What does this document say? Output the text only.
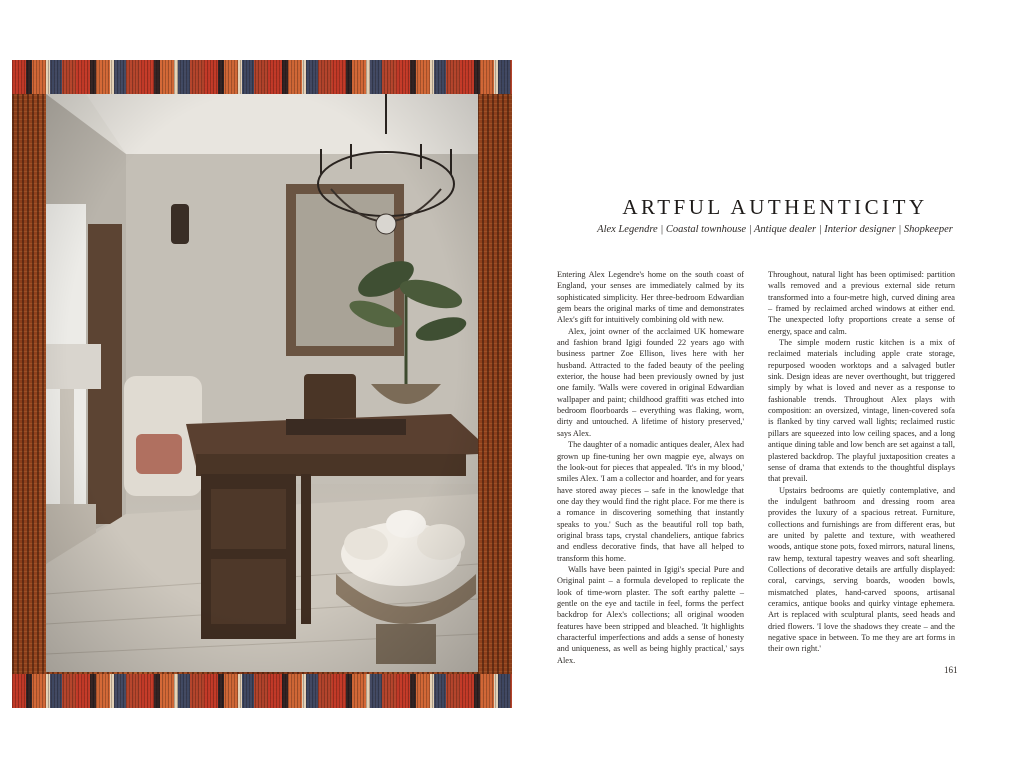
ARTFUL AUTHENTICITY
Alex Legendre | Coastal townhouse | Antique dealer | Interior designer | Shopkeeper

Entering Alex Legendre's home on the south coast of England, your senses are immediately calmed by its sophisticated simplicity. Her three-bedroom Edwardian gem bears the original marks of time and demonstrates Alex's gift for intuitively combining old with new.

Alex, joint owner of the acclaimed UK homeware and fashion brand Igigi founded 22 years ago with business partner Zoe Ellison, lives here with her husband. Attracted to the faded beauty of the peeling exterior, the house had been previously owned by just one family. 'Walls were covered in original Edwardian wallpaper and paint; childhood graffiti was etched into bedroom floorboards – everything was flaking, worn, dirty and untouched. A lifetime of history preserved,' says Alex.

The daughter of a nomadic antiques dealer, Alex had grown up fine-tuning her own magpie eye, always on the look-out for pieces that appealed. 'It's in my blood,' smiles Alex. 'I am a collector and hoarder, and for years have stored away pieces – safe in the knowledge that one day they would find the right place. For me there is a romance in discovering something that instantly speaks to you.' Such as the beautiful roll top bath, original brass taps, crystal chandeliers, antique fabrics and endless decorative finds, that have all helped to transform this home.

Walls have been painted in Igigi's special Pure and Original paint – a formula developed to replicate the look of time-worn plaster. The soft earthy palette – gentle on the eye and tactile in feel, forms the perfect backdrop for Alex's collections; all original wooden features have been stripped and bleached. 'It highlights characterful imperfections and adds a sense of honesty and uniqueness, as well as being highly practical,' says Alex.

Throughout, natural light has been optimised: partition walls removed and a previous external side return transformed into a four-metre high, curved dining area – framed by reclaimed arched windows at either end. The unexpected lofty proportions create a sense of energy, space and calm.

The simple modern rustic kitchen is a mix of reclaimed materials including apple crate storage, repurposed wooden worktops and a salvaged butler sink. Design ideas are never overthought, but triggered simply by what is loved and never as a response to fashionable trends. Throughout Alex plays with composition: an oversized, vintage, linen-covered sofa is flanked by tiny carved wall lights; reclaimed rustic pillars are squeezed into low ceiling spaces, and a long antique dining table and low bench are set against a tall, plastered backdrop. The playful juxtaposition creates a sense of drama that extends to the thoughtful displays that prevail.

Upstairs bedrooms are quietly contemplative, and the indulgent bathroom and dressing room area provides the luxury of a spacious retreat. Furniture, collections and furnishings are from different eras, but are united by palette and texture, with weathered woods, antique stone pots, foxed mirrors, natural linens, raw hemp, textural tapestry weaves and soft shearling. Collections of decorative details are artfully displayed: coral, carvings, serving boards, wooden bowls, mismatched plates, hand-carved spoons, artisanal ceramics, antique books and quirky vintage ephemera. Art is replaced with sculptural plants, seed heads and dried flowers. 'I love the shadows they create – and the negative space in between. To me they are art forms in their own right.'

161
